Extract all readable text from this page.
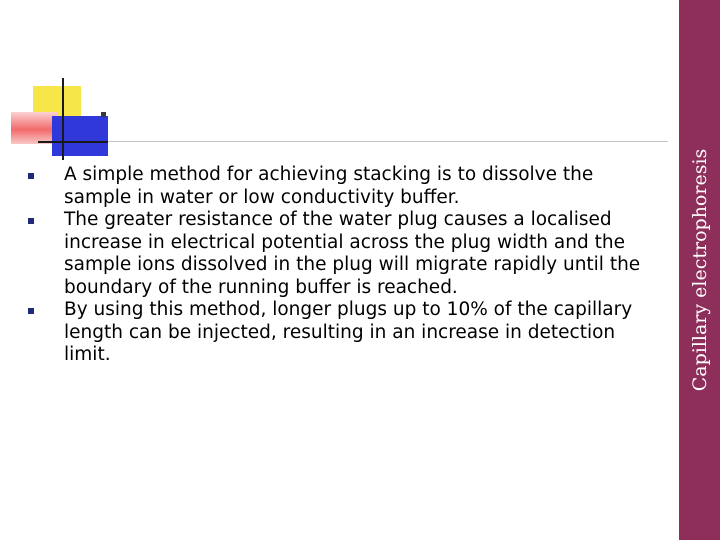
A simple method for achieving stacking is to dissolve the sample in water or low conductivity buffer.
The greater resistance of the water plug causes a localised increase in electrical potential across the plug width and the sample ions dissolved in the plug will migrate rapidly until the boundary of the running buffer is reached.
By using this method, longer plugs up to 10% of the capillary length can be injected, resulting in an increase in detection limit.	Capillary electrophoresis
